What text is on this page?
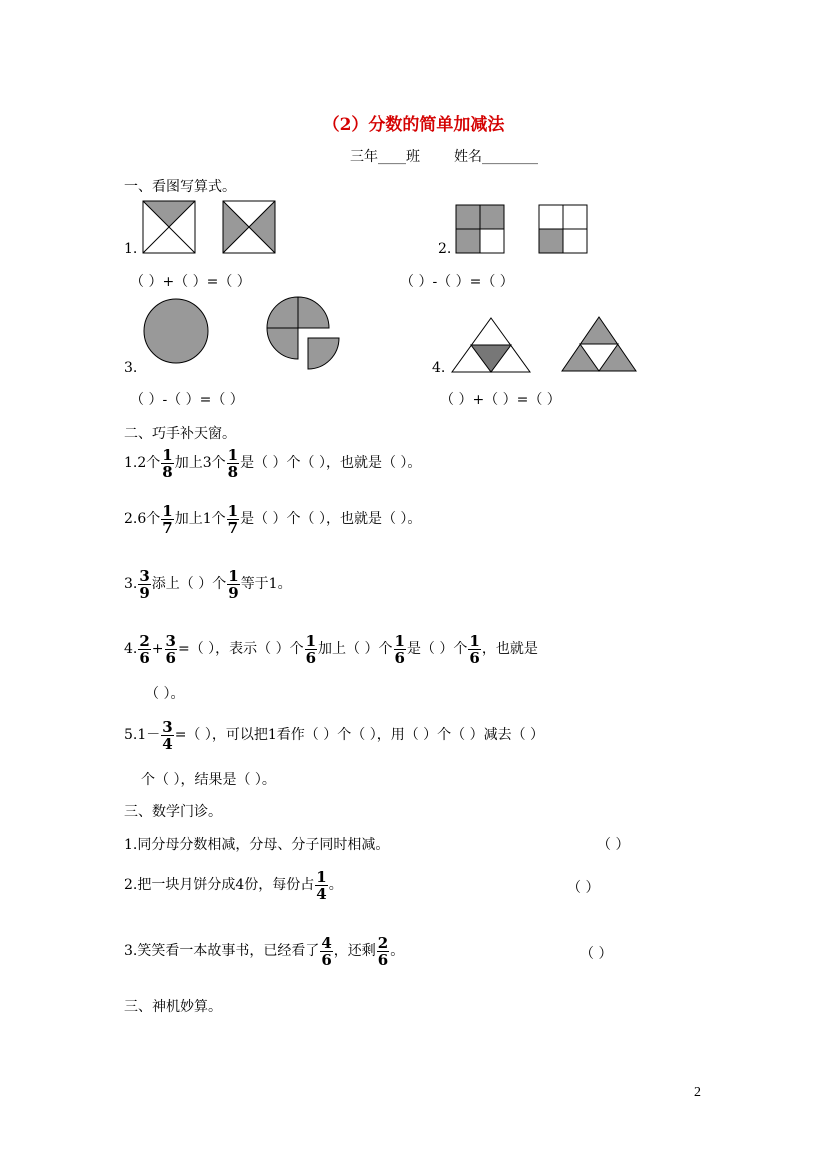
（2）分数的简单加减法
三年____班 姓名________
一、看图写算式。
1.	2.
（ ）+（ ）=（ ）	（ ）-（ ）=（ ）
3.	4.
（ ）-（ ）=（ ）	（ ）+（ ）=（ ）
二、巧手补天窗。
1.2个 $\frac{1}{8}$ 加上3个 $\frac{1}{8}$ 是（ ）个（ ），也就是（ ）。
2.6个 $\frac{1}{7}$ 加上1个 $\frac{1}{7}$ 是（ ）个（ ），也就是（ ）。
3. $\frac{3}{9}$ 添上（ ）个 $\frac{1}{9}$ 等于1。
4. $\frac{2}{6} + \frac{3}{6}$ =（ ），表示（ ）个 $\frac{1}{6}$ 加上（ ）个 $\frac{1}{6}$ 是（ ）个 $\frac{1}{6}$ ，也就是
（ ）。
$5.1- \frac{3}{4}$ =（ ），可以把1看作（ ）个（ ），用（ ）个（ ）减去（ ）
个（ ），结果是（ ）。
三、数学门诊。
1.同分母分数相减，分母、分子同时相减。	（ ）
2.把一块月饼分成4份，每份占 $\frac{1}{4}$ 。	（ ）
3.笑笑看一本故事书，已经看了 $\frac{4}{6}$ ，还剩 $\frac{2}{6}$ 。	（ ）
三、神机妙算。
2
